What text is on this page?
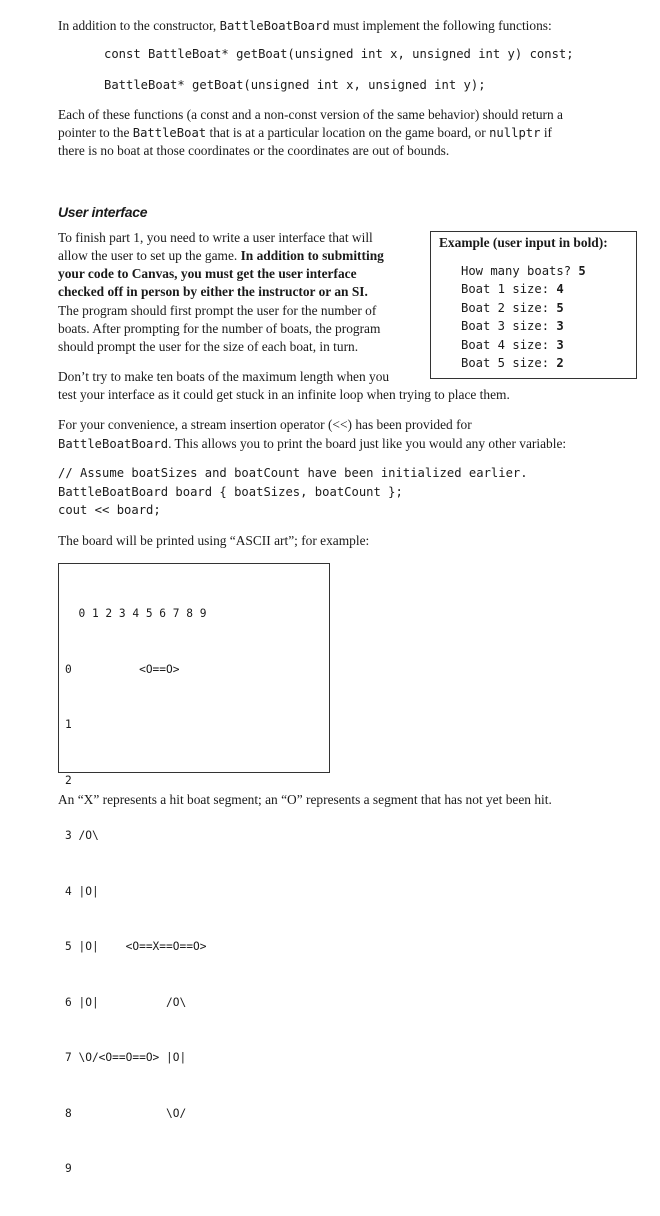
In addition to the constructor, BattleBoatBoard must implement the following functions:
const BattleBoat* getBoat(unsigned int x, unsigned int y) const;
BattleBoat* getBoat(unsigned int x, unsigned int y);
Each of these functions (a const and a non-const version of the same behavior) should return a
pointer to the BattleBoat that is at a particular location on the game board, or nullptr if
there is no boat at those coordinates or the coordinates are out of bounds.
User interface
To finish part 1, you need to write a user interface that will
allow the user to set up the game. In addition to submitting
your code to Canvas, you must get the user interface
checked off in person by either the instructor or an SI.
The program should first prompt the user for the number of
boats. After prompting for the number of boats, the program
should prompt the user for the size of each boat, in turn.
Don’t try to make ten boats of the maximum length when you
test your interface as it could get stuck in an infinite loop when trying to place them.
Example (user input in bold):
How many boats? 5
Boat 1 size: 4
Boat 2 size: 5
Boat 3 size: 3
Boat 4 size: 3
Boat 5 size: 2
For your convenience, a stream insertion operator (<<) has been provided for
BattleBoatBoard. This allows you to print the board just like you would any other variable:
// Assume boatSizes and boatCount have been initialized earlier.
BattleBoatBoard board { boatSizes, boatCount };
cout << board;
The board will be printed using “ASCII art”; for example:

0 1 2 3 4 5 6 7 8 9

0          <O==O>

1

2

3 /O\

4 |O|

5 |O|    <O==X==O==O>

6 |O|          /O\

7 \O/<O==O==O> |O|

8              \O/

9

An “X” represents a hit boat segment; an “O” represents a segment that has not yet been hit.
